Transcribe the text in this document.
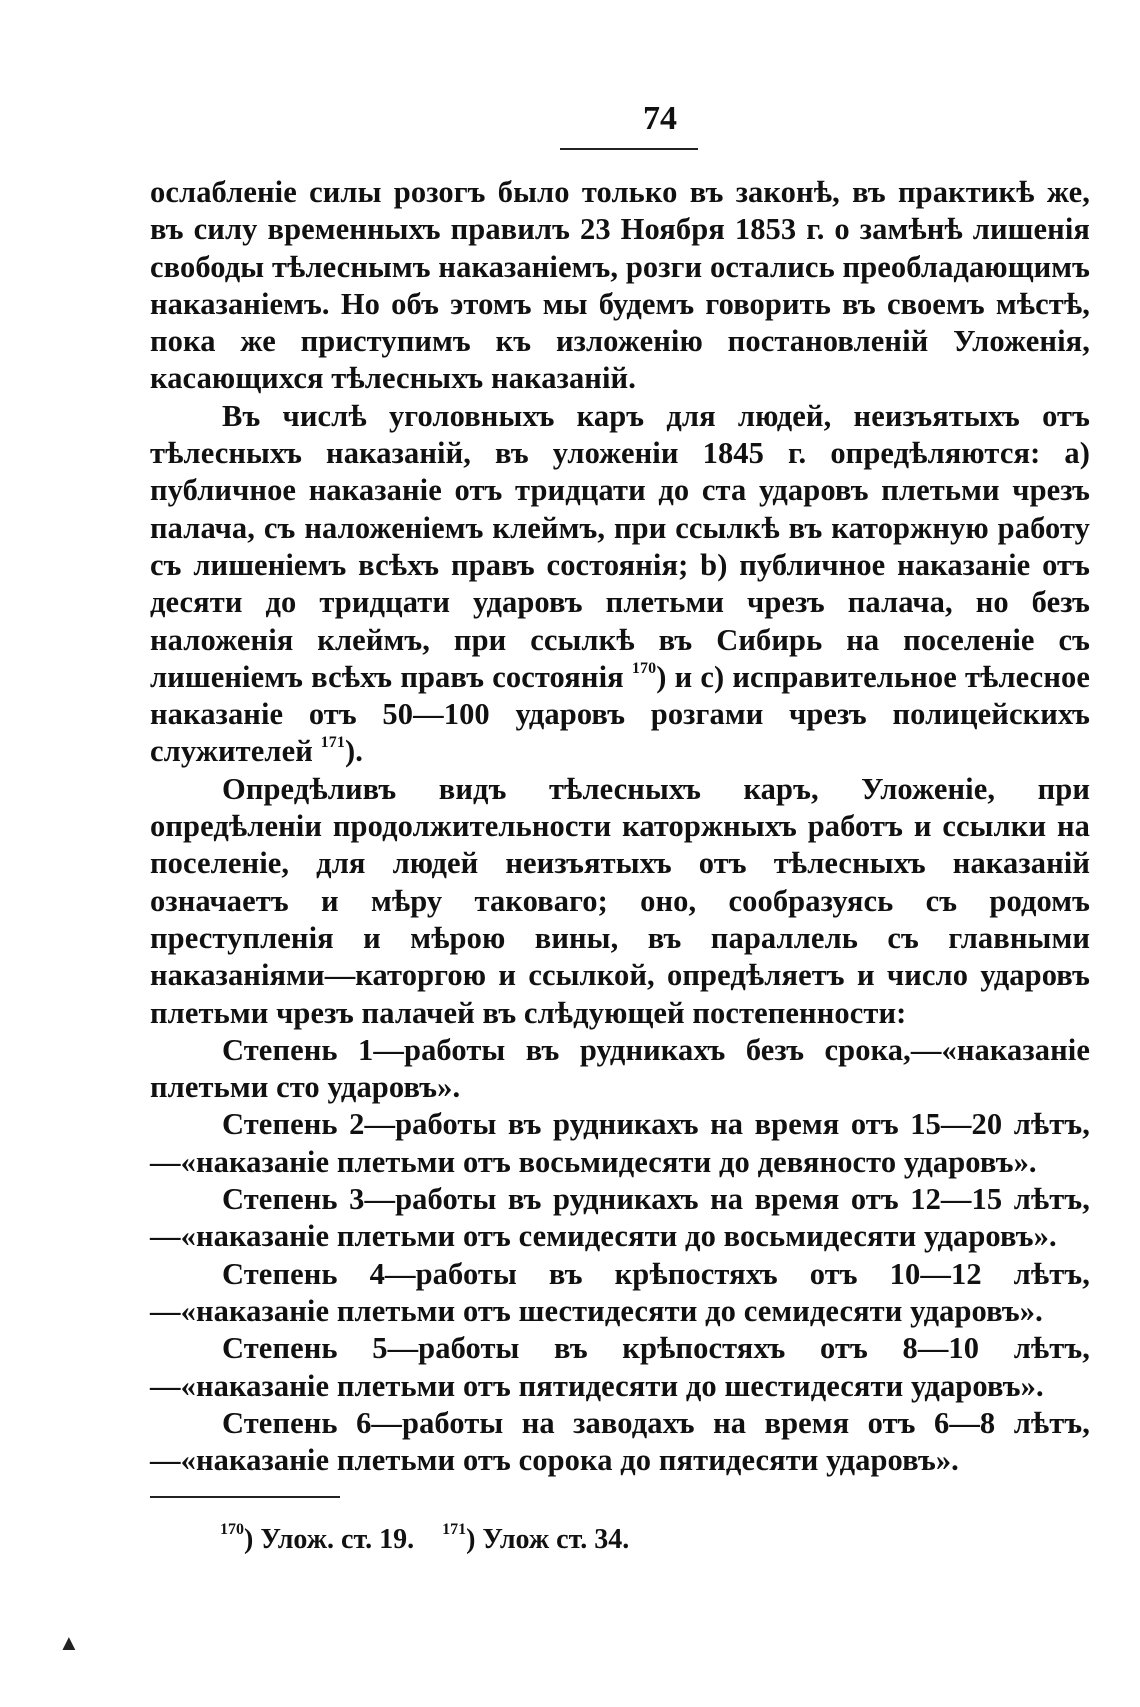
74

ослабленіе силы розогъ было только въ законѣ, въ практикѣ же, въ силу временныхъ правилъ 23 Ноября 1853 г. о замѣнѣ лишенія свободы тѣлеснымъ наказаніемъ, розги остались преобладающимъ наказаніемъ. Но объ этомъ мы будемъ говорить въ своемъ мѣстѣ, пока же приступимъ къ изложенію постановленій Уложенія, касающихся тѣлесныхъ наказаній.

Въ числѣ уголовныхъ каръ для людей, неизъятыхъ отъ тѣлесныхъ наказаній, въ уложеніи 1845 г. опредѣляются: a) публичное наказаніе отъ тридцати до ста ударовъ плетьми чрезъ палача, съ наложеніемъ клеймъ, при ссылкѣ въ каторжную работу съ лишеніемъ всѣхъ правъ состоянія; b) публичное наказаніе отъ десяти до тридцати ударовъ плетьми чрезъ палача, но безъ наложенія клеймъ, при ссылкѣ въ Сибирь на поселеніе съ лишеніемъ всѣхъ правъ состоянія $^{170}$) и c) исправительное тѣлесное наказаніе отъ 50—100 ударовъ розгами чрезъ полицейскихъ служителей $^{171}$).

Опредѣливъ видъ тѣлесныхъ каръ, Уложеніе, при опредѣленіи продолжительности каторжныхъ работъ и ссылки на поселеніе, для людей неизъятыхъ отъ тѣлесныхъ наказаній означаетъ и мѣру таковаго; оно, сообразуясь съ родомъ преступленія и мѣрою вины, въ параллель съ главными наказаніями—каторгою и ссылкой, опредѣляетъ и число ударовъ плетьми чрезъ палачей въ слѣдующей постепенности:

Степень 1—работы въ рудникахъ безъ срока,—«наказаніе плетьми сто ударовъ».

Степень 2—работы въ рудникахъ на время отъ 15—20 лѣтъ,—«наказаніе плетьми отъ восьмидесяти до девяносто ударовъ».

Степень 3—работы въ рудникахъ на время отъ 12—15 лѣтъ,—«наказаніе плетьми отъ семидесяти до восьмидесяти ударовъ».

Степень 4—работы въ крѣпостяхъ отъ 10—12 лѣтъ,—«наказаніе плетьми отъ шестидесяти до семидесяти ударовъ».

Степень 5—работы въ крѣпостяхъ отъ 8—10 лѣтъ,—«наказаніе плетьми отъ пятидесяти до шестидесяти ударовъ».

Степень 6—работы на заводахъ на время отъ 6—8 лѣтъ,—«наказаніе плетьми отъ сорока до пятидесяти ударовъ».

$^{170}$) Улож. ст. 19. $^{171}$) Улож ст. 34.
▲
